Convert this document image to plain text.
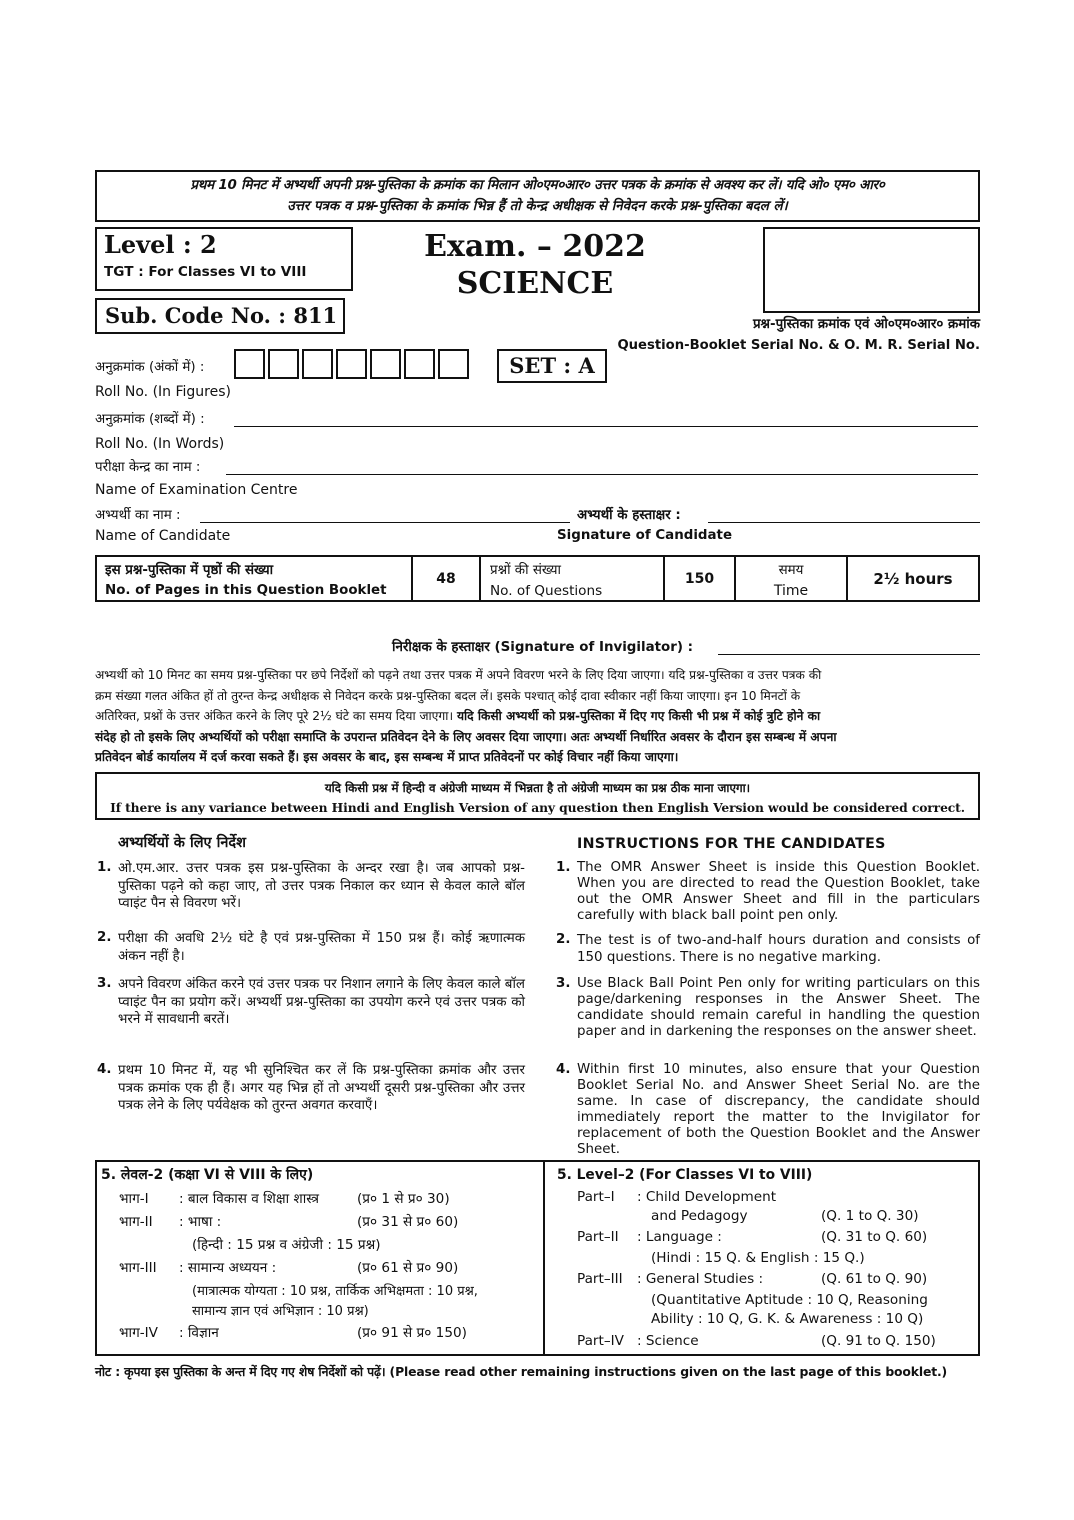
प्रथम 10 मिनट में अभ्यर्थी अपनी प्रश्न-पुस्तिका के क्रमांक का मिलान ओ०एम०आर० उत्तर पत्रक के क्रमांक से अवश्य कर लें। यदि ओ० एम० आर०
उत्तर पत्रक व प्रश्न-पुस्तिका के क्रमांक भिन्न हैं तो केन्द्र अधीक्षक से निवेदन करके प्रश्न-पुस्तिका बदल लें।
Level : 2
TGT : For Classes VI to VIII
Sub. Code No. : 811
Exam. – 2022
SCIENCE
प्रश्न-पुस्तिका क्रमांक एवं ओ०एम०आर० क्रमांक
Question-Booklet Serial No. & O. M. R. Serial No.
अनुक्रमांक (अंकों में) :
Roll No. (In Figures)
SET : A
अनुक्रमांक (शब्दों में) :
Roll No. (In Words)
परीक्षा केन्द्र का नाम :
Name of Examination Centre
अभ्यर्थी का नाम :	अभ्यर्थी के हस्ताक्षर :
Name of Candidate	Signature of Candidate
इस प्रश्न-पुस्तिका में पृष्ठों की संख्या
No. of Pages in this Question Booklet
48
प्रश्नों की संख्या
No. of Questions
150
समय
Time
2½ hours
निरीक्षक के हस्ताक्षर (Signature of Invigilator) :
अभ्यर्थी को 10 मिनट का समय प्रश्न-पुस्तिका पर छपे निर्देशों को पढ़ने तथा उत्तर पत्रक में अपने विवरण भरने के लिए दिया जाएगा। यदि प्रश्न-पुस्तिका व उत्तर पत्रक की
क्रम संख्या गलत अंकित हों तो तुरन्त केन्द्र अधीक्षक से निवेदन करके प्रश्न-पुस्तिका बदल लें। इसके पश्चात् कोई दावा स्वीकार नहीं किया जाएगा। इन 10 मिनटों के
अतिरिक्त, प्रश्नों के उत्तर अंकित करने के लिए पूरे 2½ घंटे का समय दिया जाएगा। यदि किसी अभ्यर्थी को प्रश्न-पुस्तिका में दिए गए किसी भी प्रश्न में कोई त्रुटि होने का
संदेह हो तो इसके लिए अभ्यर्थियों को परीक्षा समाप्ति के उपरान्त प्रतिवेदन देने के लिए अवसर दिया जाएगा। अतः अभ्यर्थी निर्धारित अवसर के दौरान इस सम्बन्ध में अपना
प्रतिवेदन बोर्ड कार्यालय में दर्ज करवा सकते हैं। इस अवसर के बाद, इस सम्बन्ध में प्राप्त प्रतिवेदनों पर कोई विचार नहीं किया जाएगा।
यदि किसी प्रश्न में हिन्दी व अंग्रेजी माध्यम में भिन्नता है तो अंग्रेजी माध्यम का प्रश्न ठीक माना जाएगा।
If there is any variance between Hindi and English Version of any question then English Version would be considered correct.
अभ्यर्थियों के लिए निर्देश	INSTRUCTIONS FOR THE CANDIDATES
1. ओ.एम.आर. उत्तर पत्रक इस प्रश्न-पुस्तिका के अन्दर रखा है। जब आपको प्रश्न-पुस्तिका पढ़ने को कहा जाए, तो उत्तर पत्रक निकाल कर ध्यान से केवल काले बॉल प्वाइंट पैन से विवरण भरें।
2. परीक्षा की अवधि 2½ घंटे है एवं प्रश्न-पुस्तिका में 150 प्रश्न हैं। कोई ऋणात्मक अंकन नहीं है।
3. अपने विवरण अंकित करने एवं उत्तर पत्रक पर निशान लगाने के लिए केवल काले बॉल प्वाइंट पैन का प्रयोग करें। अभ्यर्थी प्रश्न-पुस्तिका का उपयोग करने एवं उत्तर पत्रक को भरने में सावधानी बरतें।
4. प्रथम 10 मिनट में, यह भी सुनिश्चित कर लें कि प्रश्न-पुस्तिका क्रमांक और उत्तर पत्रक क्रमांक एक ही हैं। अगर यह भिन्न हों तो अभ्यर्थी दूसरी प्रश्न-पुस्तिका और उत्तर पत्रक लेने के लिए पर्यवेक्षक को तुरन्त अवगत करवाएँ।
1. The OMR Answer Sheet is inside this Question Booklet. When you are directed to read the Question Booklet, take out the OMR Answer Sheet and fill in the particulars carefully with black ball point pen only.
2. The test is of two-and-half hours duration and consists of 150 questions. There is no negative marking.
3. Use Black Ball Point Pen only for writing particulars on this page/darkening responses in the Answer Sheet. The candidate should remain careful in handling the question paper and in darkening the responses on the answer sheet.
4. Within first 10 minutes, also ensure that your Question Booklet Serial No. and Answer Sheet Serial No. are the same. In case of discrepancy, the candidate should immediately report the matter to the Invigilator for replacement of both the Question Booklet and the Answer Sheet.
5. लेवल-2 (कक्षा VI से VIII के लिए)
भाग-I : बाल विकास व शिक्षा शास्त्र	(प्र० 1 से प्र० 30)
भाग-II : भाषा :	(प्र० 31 से प्र० 60)
(हिन्दी : 15 प्रश्न व अंग्रेजी : 15 प्रश्न)
भाग-III : सामान्य अध्ययन :	(प्र० 61 से प्र० 90)
(मात्रात्मक योग्यता : 10 प्रश्न, तार्किक अभिक्षमता : 10 प्रश्न,
सामान्य ज्ञान एवं अभिज्ञान : 10 प्रश्न)
भाग-IV : विज्ञान	(प्र० 91 से प्र० 150)
5. Level–2 (For Classes VI to VIII)
Part–I : Child Development
and Pedagogy	(Q. 1 to Q. 30)
Part–II : Language :	(Q. 31 to Q. 60)
(Hindi : 15 Q. & English : 15 Q.)
Part–III : General Studies :	(Q. 61 to Q. 90)
(Quantitative Aptitude : 10 Q, Reasoning
Ability : 10 Q, G. K. & Awareness : 10 Q)
Part–IV : Science	(Q. 91 to Q. 150)
नोट : कृपया इस पुस्तिका के अन्त में दिए गए शेष निर्देशों को पढ़ें। (Please read other remaining instructions given on the last page of this booklet.)
